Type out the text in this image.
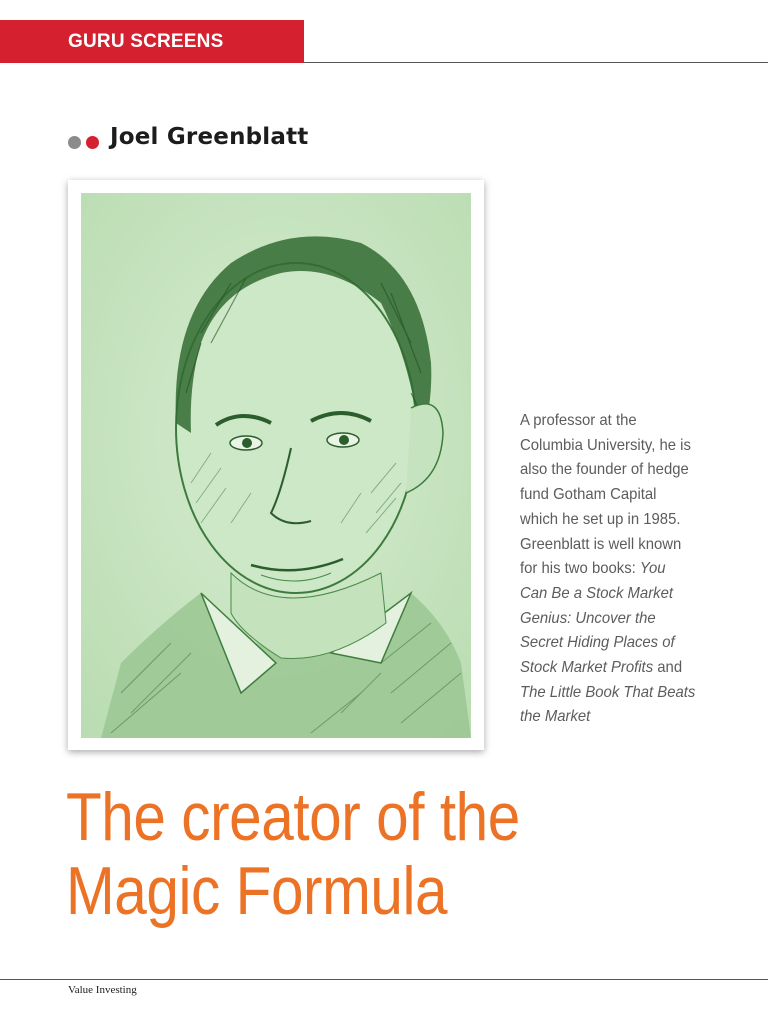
GURU SCREENS
Joel Greenblatt
A professor at the Columbia University, he is also the founder of hedge fund Gotham Capital which he set up in 1985. Greenblatt is well known for his two books: You Can Be a Stock Market Genius: Uncover the Secret Hiding Places of Stock Market Profits and The Little Book That Beats the Market
The creator of the
Magic Formula
Value Investing
